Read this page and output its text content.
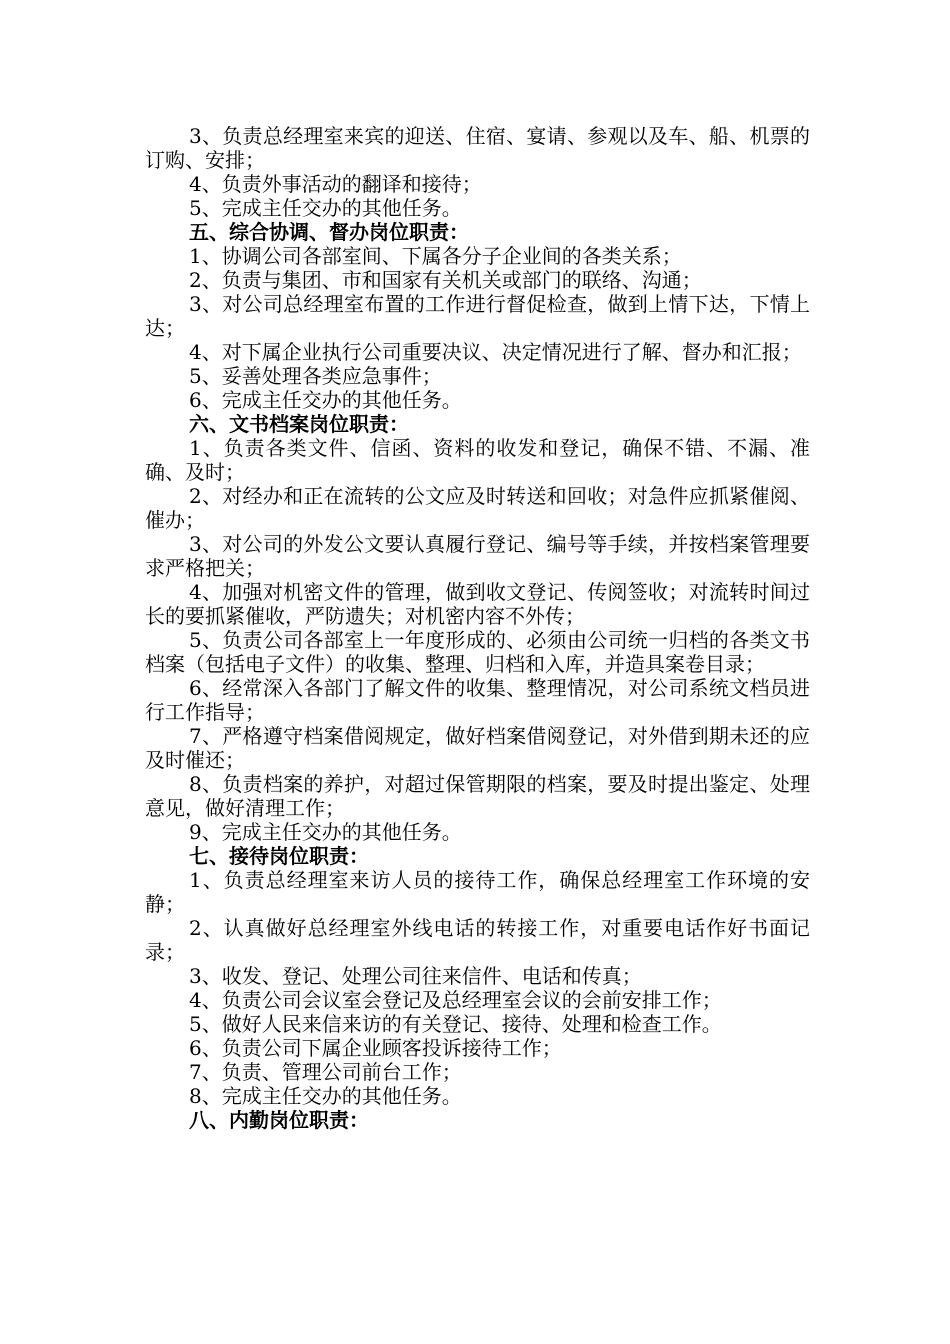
3、负责总经理室来宾的迎送、住宿、宴请、参观以及车、船、机票的订购、安排；

4、负责外事活动的翻译和接待；

5、完成主任交办的其他任务。

五、综合协调、督办岗位职责：

1、协调公司各部室间、下属各分子企业间的各类关系；

2、负责与集团、市和国家有关机关或部门的联络、沟通；

3、对公司总经理室布置的工作进行督促检查，做到上情下达，下情上达；

4、对下属企业执行公司重要决议、决定情况进行了解、督办和汇报；

5、妥善处理各类应急事件；

6、完成主任交办的其他任务。

六、文书档案岗位职责：

1、负责各类文件、信函、资料的收发和登记，确保不错、不漏、准确、及时；

2、对经办和正在流转的公文应及时转送和回收；对急件应抓紧催阅、催办；

3、对公司的外发公文要认真履行登记、编号等手续，并按档案管理要求严格把关；

4、加强对机密文件的管理，做到收文登记、传阅签收；对流转时间过长的要抓紧催收，严防遗失；对机密内容不外传；

5、负责公司各部室上一年度形成的、必须由公司统一归档的各类文书档案（包括电子文件）的收集、整理、归档和入库，并造具案卷目录；

6、经常深入各部门了解文件的收集、整理情况，对公司系统文档员进行工作指导；

7、严格遵守档案借阅规定，做好档案借阅登记，对外借到期未还的应及时催还；

8、负责档案的养护，对超过保管期限的档案，要及时提出鉴定、处理意见，做好清理工作；

9、完成主任交办的其他任务。

七、接待岗位职责：

1、负责总经理室来访人员的接待工作，确保总经理室工作环境的安静；

2、认真做好总经理室外线电话的转接工作，对重要电话作好书面记录；

3、收发、登记、处理公司往来信件、电话和传真；

4、负责公司会议室会登记及总经理室会议的会前安排工作；

5、做好人民来信来访的有关登记、接待、处理和检查工作。

6、负责公司下属企业顾客投诉接待工作；

7、负责、管理公司前台工作；

8、完成主任交办的其他任务。

八、内勤岗位职责：
